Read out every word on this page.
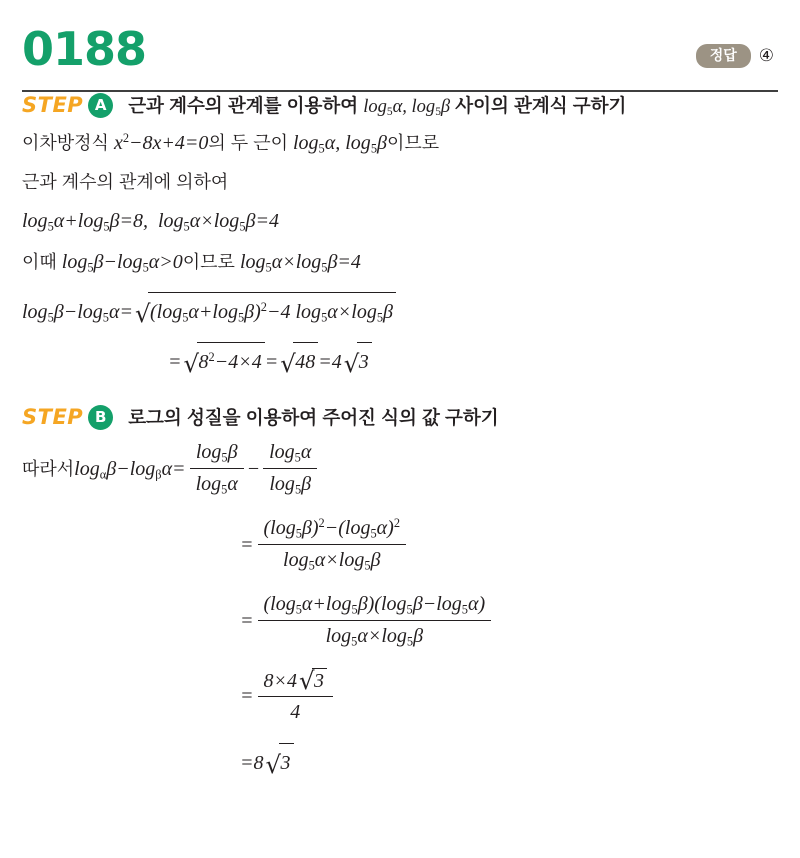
0188	정답	④
STEP A	근과 계수의 관계를 이용하여 $\log_5\alpha$, $\log_5\beta$ 사이의 관계식 구하기
이차방정식 $x^2-8x+4=0$의 두 근이 $\log_5\alpha$, $\log_5\beta$이므로
근과 계수의 관계에 의하여
$\log_5\alpha+\log_5\beta=8$,  $\log_5\alpha\times\log_5\beta=4$
이때 $\log_5\beta-\log_5\alpha>0$이므로 $\log_5\alpha\times\log_5\beta=4$
$\log_5\beta-\log_5\alpha=$ √ $(\log_5\alpha+\log_5\beta)^2-4$ $\log_5\alpha\times\log_5\beta$
= √ $8^2-4\times 4$ = √ 48 =4 √ 3
STEP B	로그의 성질을 이용하여 주어진 식의 값 구하기
따라서 $\log_\alpha\beta-\log_\beta\alpha= \frac{\log_5\beta}{\log_5\alpha} - \frac{\log_5\alpha}{\log_5\beta}$
= $\frac{(\log_5\beta)^2-(\log_5\alpha)^2}{\log_5\alpha\times\log_5\beta}$
= $\frac{(\log_5\alpha+\log_5\beta)(\log_5\beta-\log_5\alpha)}{\log_5\alpha\times\log_5\beta}$
= $\frac{8\times 4 √ 3}{4}$
=8 √ 3
